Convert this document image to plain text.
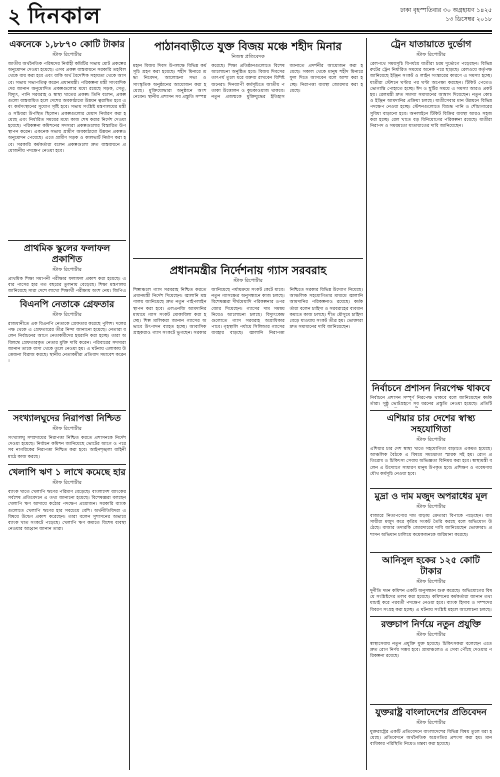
২ দিনকাল	ঢাকা বৃহস্পতিবার ৩০ অগ্রহায়ণ ১৪২৫
১৩ ডিসেম্বর ২০১৮
একনেকে ১,৮৮৭০ কোটি টাকার
স্টাফ রিপোর্টার
জাতীয় অর্থনৈতিক পরিষদের নির্বাহী কমিটির সভায় মোট প্রকল্পের অনুমোদন দেওয়া হয়েছে। এসব প্রকল্প বাস্তবায়নে সরকারি তহবিল থেকে ব্যয় করা হবে এবং বাকি অর্থ বৈদেশিক সহায়তা থেকে আসবে। সভায় সভাপতিত্ব করেন প্রধানমন্ত্রী। পরিকল্পনা মন্ত্রী সাংবাদিকদের জানান অনুমোদিত প্রকল্পগুলোর মধ্যে রয়েছে সড়ক, সেতু, বিদ্যুৎ, পানি সরবরাহ ও স্বাস্থ্য খাতের প্রকল্প। তিনি বলেন, প্রকল্পগুলো বাস্তবায়িত হলে দেশের অবকাঠামো উন্নয়ন ত্বরান্বিত হবে এবং কর্মসংস্থানের সুযোগ সৃষ্টি হবে। সভায় সংশ্লিষ্ট মন্ত্রণালয়ের মন্ত্রী ও সচিবরা উপস্থিত ছিলেন। প্রকল্পগুলোর মেয়াদ নির্ধারণ করা হয়েছে এবং নির্ধারিত সময়ের মধ্যে কাজ শেষ করার নির্দেশ দেওয়া হয়েছে। পরিকল্পনা কমিশনের সদস্যরা প্রকল্পগুলোর বিস্তারিত উপস্থাপন করেন। একনেক সভায় গ্রামীণ অবকাঠামো উন্নয়ন প্রকল্পও অনুমোদন পেয়েছে। এতে গ্রামীণ সড়ক ও কালভার্ট নির্মাণ করা হবে। সরকারি কর্মকর্তারা বলেন প্রকল্পগুলো দ্রুত বাস্তবায়নে প্রয়োজনীয় পদক্ষেপ নেওয়া হবে।
প্রাথমিক স্কুলের ফলাফল প্রকাশিত
স্টাফ রিপোর্টার
প্রাথমিক শিক্ষা সমাপনী পরীক্ষার ফলাফল প্রকাশ করা হয়েছে। এবার পাসের হার গত বছরের তুলনায় বেড়েছে। শিক্ষা মন্ত্রণালয় জানিয়েছে সারা দেশে লাখো শিক্ষার্থী পরীক্ষায় অংশ নেয়। জিপিএ
বিএনপি নেতাকে গ্রেফতার
স্টাফ রিপোর্টার
রাজধানীতে এক বিএনপি নেতাকে গ্রেফতার করেছে পুলিশ। দলের পক্ষ থেকে এ গ্রেফতারের তীব্র নিন্দা জানানো হয়েছে। নেতারা বলেন নির্বাচনের আগে নেতাকর্মীদের হয়রানি করা হচ্ছে। তারা অবিলম্বে গ্রেফতারকৃত নেতার মুক্তি দাবি করেন। পরিবারের সদস্যরা জানান তাকে বাসা থেকে তুলে নেওয়া হয়। এ ঘটনায় এলাকায় উত্তেজনা বিরাজ করছে। স্থানীয় নেতাকর্মীরা প্রতিবাদ সমাবেশ করেন।
সংখ্যালঘুদের নিরাপত্তা নিশ্চিত
স্টাফ রিপোর্টার
সংখ্যালঘু সম্প্রদায়ের নিরাপত্তা নিশ্চিত করতে প্রশাসনকে নির্দেশ দেওয়া হয়েছে। নির্বাচন কমিশন জানিয়েছে ভোটের আগে ও পরে সব নাগরিকের নিরাপত্তা নিশ্চিত করা হবে। আইনশৃঙ্খলা বাহিনী মাঠে কাজ করছে।
খেলাপি ঋণ ১ লাখে কমেছে হার
স্টাফ রিপোর্টার
ব্যাংক খাতে খেলাপি ঋণের পরিমাণ বেড়েছে। বাংলাদেশ ব্যাংকের সর্বশেষ প্রতিবেদনে এ তথ্য জানানো হয়েছে। বিশেষজ্ঞরা বলছেন খেলাপি ঋণ আদায়ে কঠোর পদক্ষেপ প্রয়োজন। সরকারি ব্যাংকগুলোতে খেলাপি ঋণের হার সবচেয়ে বেশি। অর্থনীতিবিদরা এ বিষয়ে উদ্বেগ প্রকাশ করেছেন। তারা বলেন সুশাসনের অভাবে ব্যাংক খাত সংকটে পড়েছে। খেলাপি ঋণ কমাতে বিশেষ ব্যবস্থা নেওয়ার আহ্বান জানান তারা।
পাঠানবাড়ীতে যুক্ত বিজয় মঞ্চে শহীদ মিনার
নিজস্ব প্রতিবেদক
মহান বিজয় দিবস উপলক্ষে বিভিন্ন কর্মসূচি গ্রহণ করা হয়েছে। শহীদ মিনারে শ্রদ্ধা নিবেদন, আলোচনা সভা ও সাংস্কৃতিক অনুষ্ঠানের আয়োজন করা হয়েছে। মুক্তিযোদ্ধারা অনুষ্ঠানে অংশ নেবেন। স্থানীয় প্রশাসন সব প্রস্তুতি সম্পন্ন করেছে। শিক্ষা প্রতিষ্ঠানগুলোতে বিশেষ আলোচনা অনুষ্ঠিত হবে। বিজয় দিবসের তাৎপর্য তুলে ধরে বক্তব্য রাখবেন বিশিষ্টজনেরা। দিনব্যাপী কর্মসূচিতে জাতীয় পতাকা উত্তোলন ও কুচকাওয়াজ থাকবে। নতুন প্রজন্মকে মুক্তিযুদ্ধের ইতিহাস জানাতে প্রদর্শনীর আয়োজন করা হয়েছে। সকাল থেকে মানুষ শহীদ মিনারে ফুল দিতে আসবেন বলে আশা করা হচ্ছে। নিরাপত্তা ব্যবস্থা জোরদার করা হয়েছে।
প্রধানমন্ত্রীর নির্দেশনায় গ্যাস সরবরাহ
স্টাফ রিপোর্টার
শিল্পাঞ্চলে গ্যাস সরবরাহ নিশ্চিত করতে প্রধানমন্ত্রী নির্দেশ দিয়েছেন। জ্বালানি মন্ত্রণালয় জানিয়েছে দ্রুত নতুন পাইপলাইন স্থাপন করা হবে। এলএনজি আমদানির মাধ্যমে গ্যাস সংকট মোকাবিলা করা হচ্ছে। শিল্প মালিকরা জানান গ্যাসের অভাবে উৎপাদন ব্যাহত হচ্ছে। আবাসিক গ্রাহকরাও গ্যাস সংকটে ভুগছেন। সরকার জানিয়েছে পর্যায়ক্রমে সংকট কেটে যাবে। নতুন গ্যাসক্ষেত্র অনুসন্ধানে কাজ চলছে। বিশেষজ্ঞরা দীর্ঘমেয়াদি পরিকল্পনার ওপর জোর দিয়েছেন। গ্যাসের দাম সমন্বয় নিয়েও আলোচনা চলছে। বিদ্যুৎকেন্দ্রগুলোতে গ্যাস সরবরাহ অগ্রাধিকার পাবে। গৃহস্থালি পর্যায়ে সিলিন্ডার গ্যাসের ব্যবহার বাড়ছে। জ্বালানি নিরাপত্তা নিশ্চিতে সরকার বিভিন্ন উদ্যোগ নিয়েছে। আঞ্চলিক সহযোগিতার মাধ্যমে জ্বালানি আমদানির পরিকল্পনাও রয়েছে। কর্মকর্তারা বলেন চাহিদা ও সরবরাহের ব্যবধান কমাতে কাজ চলছে। শীত মৌসুমে চাহিদা বেড়ে যাওয়ায় সংকট তীব্র হয়। ভোক্তারা দ্রুত সমাধানের দাবি জানিয়েছেন।
ট্রেন যাতায়াতে দুর্ভোগ
স্টাফ রিপোর্টার
রেলপথে সময়সূচি বিপর্যয়ে যাত্রীরা চরম দুর্ভোগে পড়েছেন। বিভিন্ন রুটের ট্রেন নির্ধারিত সময়ের অনেক পরে ছাড়ছে। রেলওয়ে কর্তৃপক্ষ জানিয়েছে ইঞ্জিন সংকট ও লাইন সংস্কারের কারণে এ সমস্যা হচ্ছে। যাত্রীরা স্টেশনে ঘণ্টার পর ঘণ্টা অপেক্ষা করছেন। টিকিট পেতেও ভোগান্তি পোহাতে হচ্ছে। ঈদ ও ছুটির সময়ে এ সমস্যা আরও প্রকট হয়। রেলমন্ত্রী দ্রুত সমস্যা সমাধানের আশ্বাস দিয়েছেন। নতুন কোচ ও ইঞ্জিন আমদানির প্রক্রিয়া চলছে। যাত্রীসেবার মান উন্নয়নে বিভিন্ন পদক্ষেপ নেওয়া হচ্ছে। স্টেশনগুলোতে বিশুদ্ধ পানি ও শৌচাগারের সুবিধা বাড়ানো হবে। অনলাইনে টিকিট বিক্রির ব্যবস্থা আরও সহজ করা হচ্ছে। রেল খাতে বড় বিনিয়োগের পরিকল্পনা রয়েছে। যাত্রীরা নিরাপদ ও সময়মতো যাতায়াতের দাবি জানিয়েছেন।
নির্বাচনে প্রশাসন নিরপেক্ষ থাকবে
নির্বাচনে প্রশাসন সম্পূর্ণ নিরপেক্ষ থাকবে বলে জানিয়েছেন কর্মকর্তারা। সুষ্ঠু ভোটগ্রহণে সব ধরনের প্রস্তুতি নেওয়া হয়েছে। প্রতিটি
এশিয়ার চার দেশের স্বাস্থ্য সহযোগিতা
স্টাফ রিপোর্টার
এশিয়ার চার দেশ স্বাস্থ্য খাতে সহযোগিতা বাড়াতে একমত হয়েছে। আঞ্চলিক বৈঠকে এ বিষয়ে সমঝোতা স্মারক সই হয়। রোগ প্রতিরোধ ও চিকিৎসা সেবায় অভিজ্ঞতা বিনিময় করা হবে। স্বাস্থ্যমন্ত্রী বলেন এ উদ্যোগে সাধারণ মানুষ উপকৃত হবে। প্রশিক্ষণ ও গবেষণায় যৌথ কর্মসূচি নেওয়া হবে।
মুদ্রা ও দাম মজুদ অপরাধের মূল
স্টাফ রিপোর্টার
বাজারে নিত্যপণ্যের দাম বাড়ায় ক্রেতারা বিপাকে পড়েছেন। ব্যবসায়ীরা মজুদ করে কৃত্রিম সংকট তৈরি করছে বলে অভিযোগ উঠেছে। বাজার তদারকি জোরদারের দাবি জানিয়েছেন ভোক্তারা। প্রশাসন অভিযান চালিয়ে কয়েকজনকে জরিমানা করেছে।
আনিসুল হকের ১২৫ কোটি টাকার
স্টাফ রিপোর্টার
দুর্নীতি দমন কমিশন একটি অনুসন্ধান শুরু করেছে। অভিযোগের বিষয়ে সংশ্লিষ্টদের তলব করা হয়েছে। কমিশনের কর্মকর্তারা জানান তথ্য যাচাই করে পরবর্তী পদক্ষেপ নেওয়া হবে। ব্যাংক হিসাব ও সম্পদের বিবরণ সংগ্রহ করা হচ্ছে। এ ঘটনায় সংশ্লিষ্ট মহলে আলোচনা চলছে।
রক্তচাপ নির্ণয়ে নতুন প্রযুক্তি
স্টাফ রিপোর্টার
স্বাস্থ্যসেবায় নতুন প্রযুক্তি যুক্ত হয়েছে। চিকিৎসকরা বলেছেন এতে দ্রুত রোগ নির্ণয় সম্ভব হবে। গ্রামাঞ্চলেও এ সেবা পৌঁছে দেওয়ার পরিকল্পনা রয়েছে।
যুক্তরাষ্ট্র বাংলাদেশের প্রতিবেদন
স্টাফ রিপোর্টার
যুক্তরাষ্ট্রের একটি প্রতিবেদনে বাংলাদেশের বিভিন্ন বিষয় তুলে ধরা হয়েছে। প্রতিবেদনে অর্থনৈতিক অগ্রগতির প্রশংসা করা হয়। মানবাধিকার পরিস্থিতি নিয়েও মন্তব্য করা হয়েছে।
